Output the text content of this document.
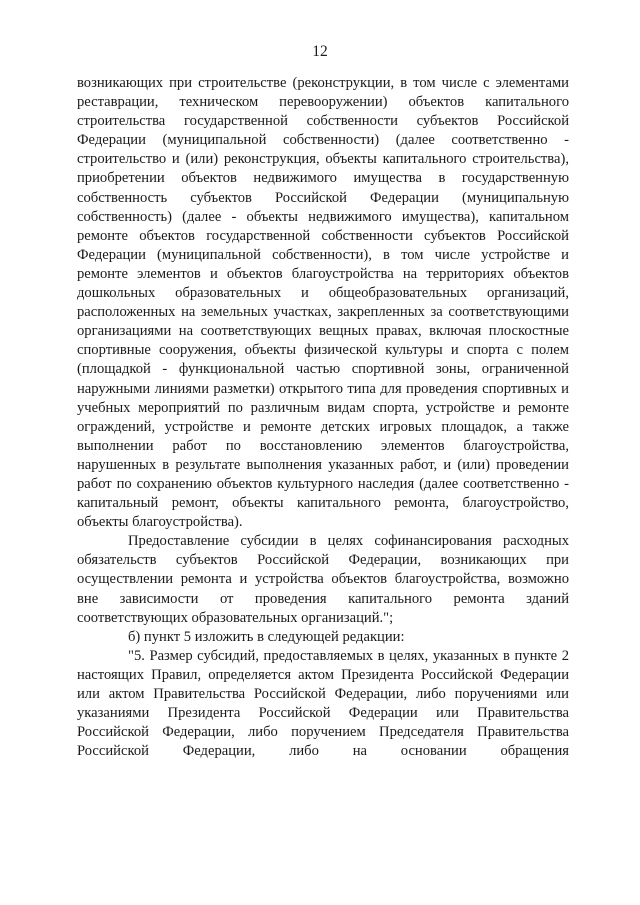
12

возникающих при строительстве (реконструкции, в том числе с элементами реставрации, техническом перевооружении) объектов капитального строительства государственной собственности субъектов Российской Федерации (муниципальной собственности) (далее соответственно - строительство и (или) реконструкция, объекты капитального строительства), приобретении объектов недвижимого имущества в государственную собственность субъектов Российской Федерации (муниципальную собственность) (далее - объекты недвижимого имущества), капитальном ремонте объектов государственной собственности субъектов Российской Федерации (муниципальной собственности), в том числе устройстве и ремонте элементов и объектов благоустройства на территориях объектов дошкольных образовательных и общеобразовательных организаций, расположенных на земельных участках, закрепленных за соответствующими организациями на соответствующих вещных правах, включая плоскостные спортивные сооружения, объекты физической культуры и спорта с полем (площадкой - функциональной частью спортивной зоны, ограниченной наружными линиями разметки) открытого типа для проведения спортивных и учебных мероприятий по различным видам спорта, устройстве и ремонте ограждений, устройстве и ремонте детских игровых площадок, а также выполнении работ по восстановлению элементов благоустройства, нарушенных в результате выполнения указанных работ, и (или) проведении работ по сохранению объектов культурного наследия (далее соответственно - капитальный ремонт, объекты капитального ремонта, благоустройство, объекты благоустройства).

Предоставление субсидии в целях софинансирования расходных обязательств субъектов Российской Федерации, возникающих при осуществлении ремонта и устройства объектов благоустройства, возможно вне зависимости от проведения капитального ремонта зданий соответствующих образовательных организаций.";

б) пункт 5 изложить в следующей редакции:

"5. Размер субсидий, предоставляемых в целях, указанных в пункте 2 настоящих Правил, определяется актом Президента Российской Федерации или актом Правительства Российской Федерации, либо поручениями или указаниями Президента Российской Федерации или Правительства Российской Федерации, либо поручением Председателя Правительства Российской Федерации, либо на основании обращения
